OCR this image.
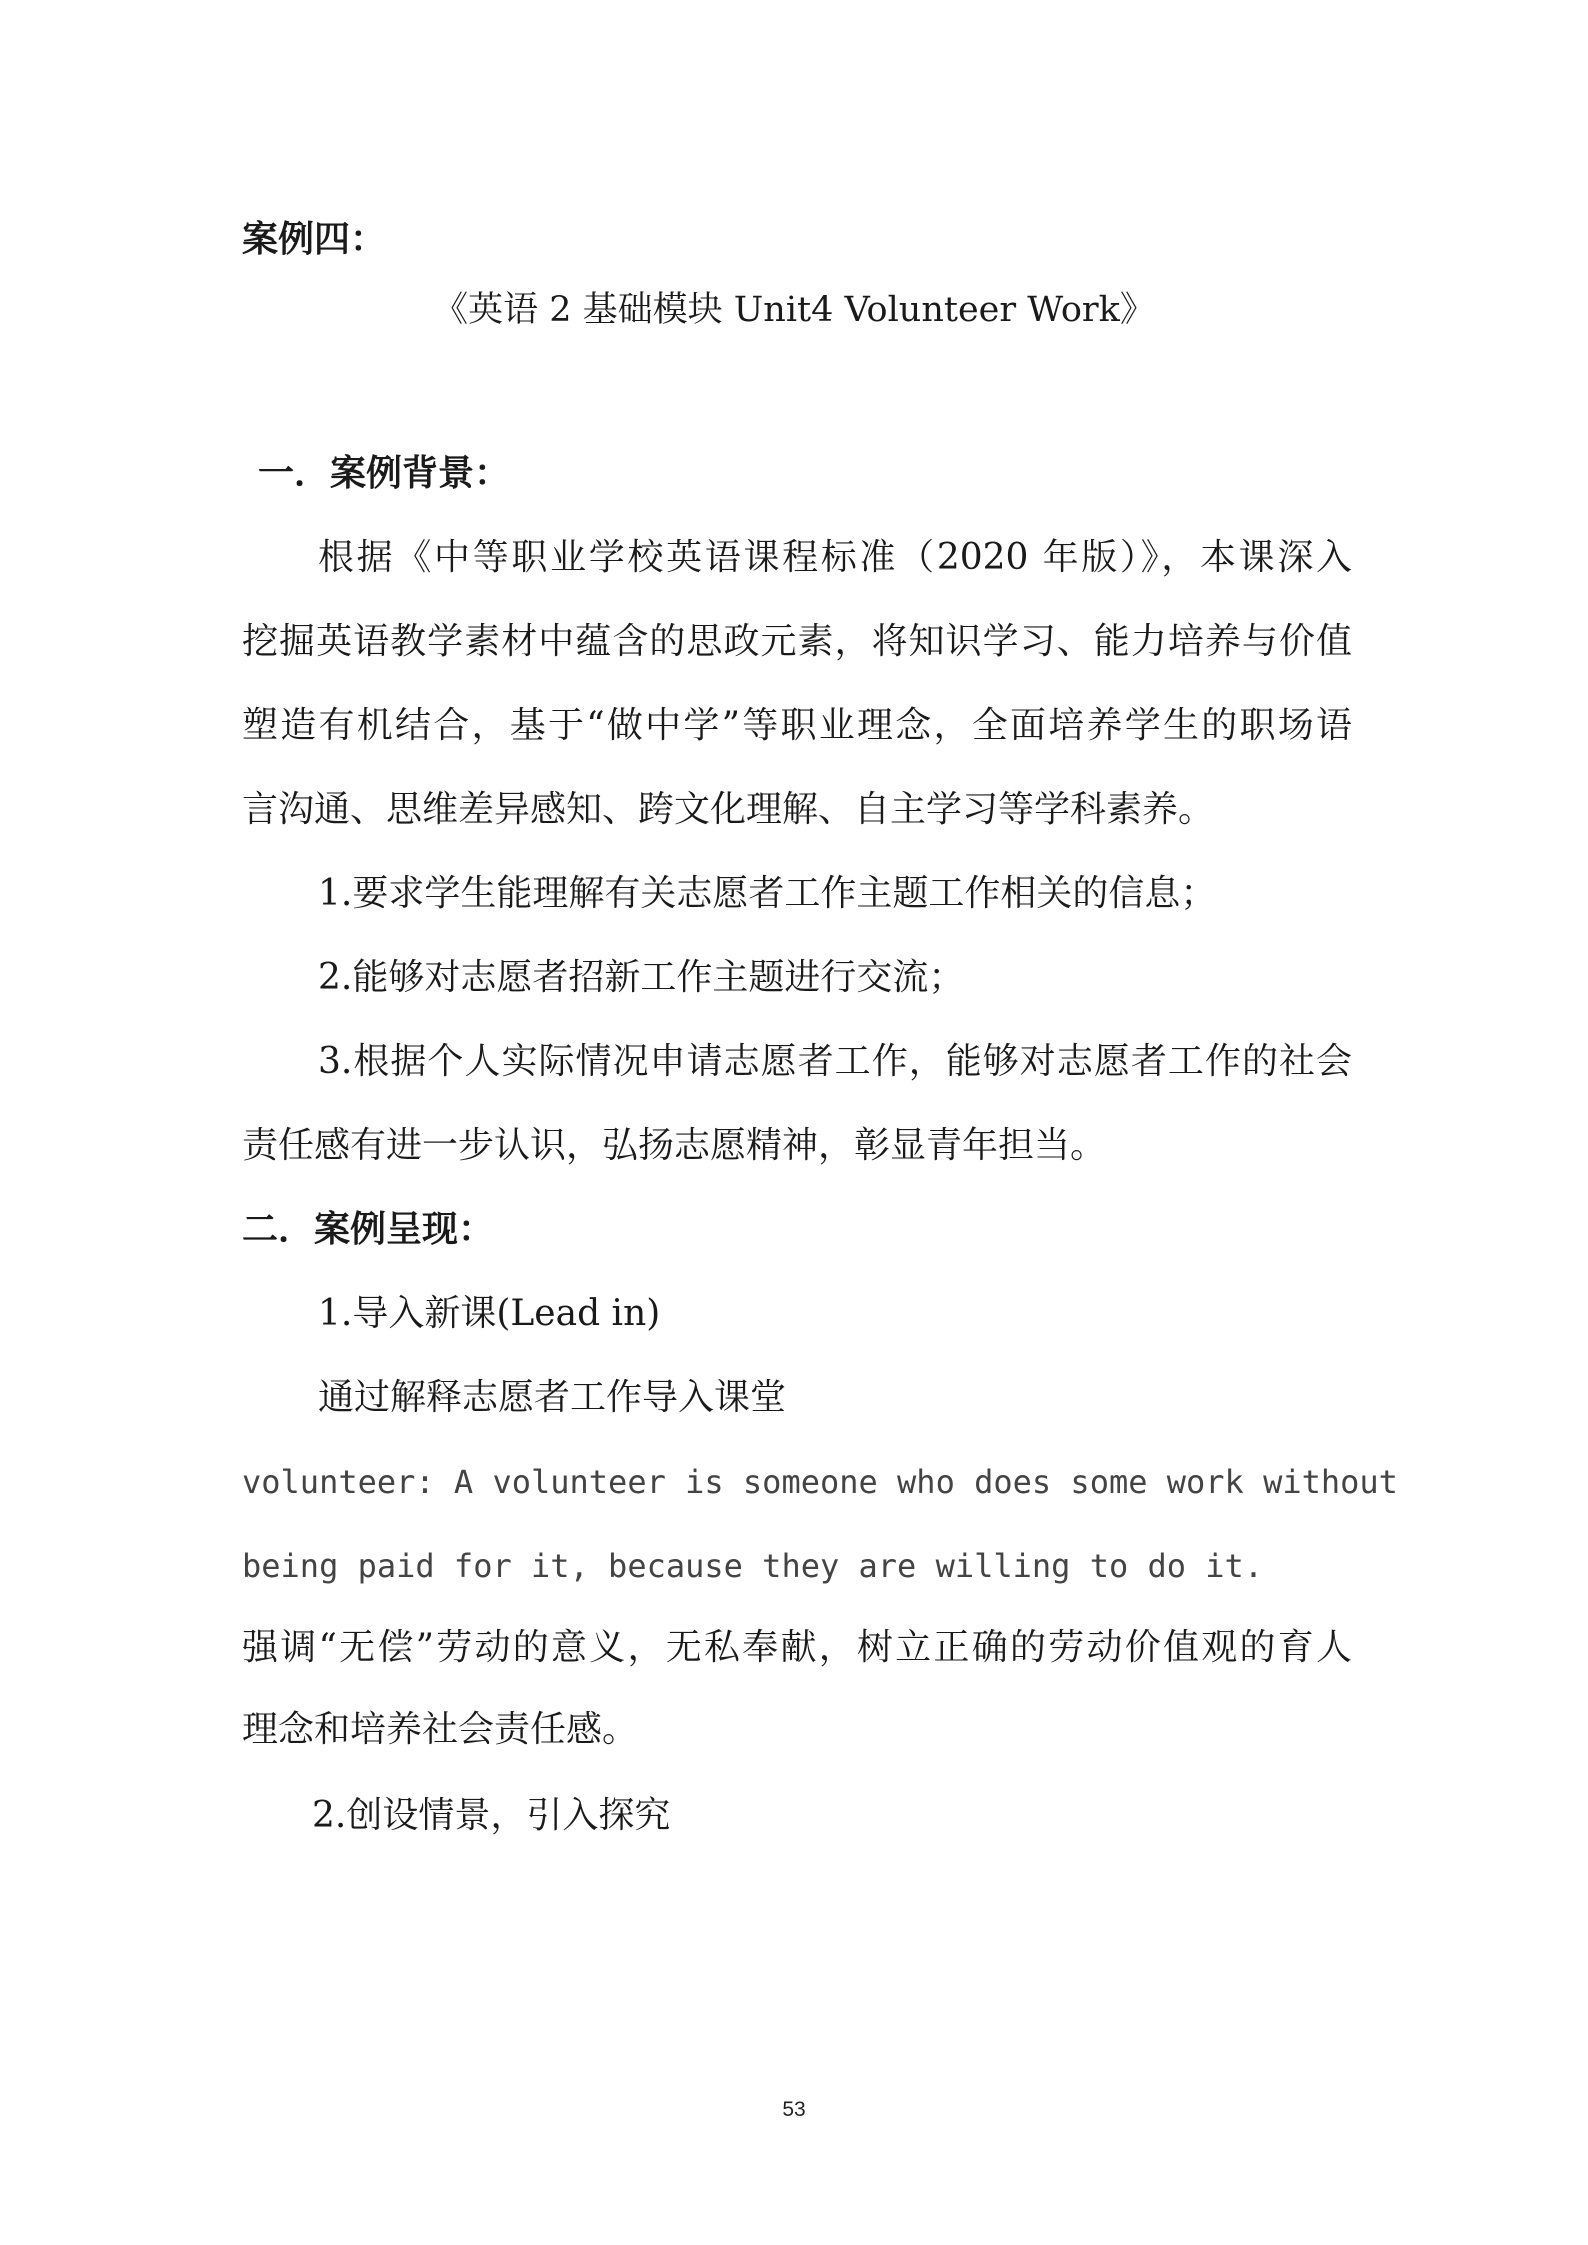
案例四：
《英语 2 基础模块 Unit4 Volunteer Work》
一．案例背景：
根据《中等职业学校英语课程标准（2020 年版）》，本课深入
挖掘英语教学素材中蕴含的思政元素，将知识学习、能力培养与价值
塑造有机结合，基于“做中学”等职业理念，全面培养学生的职场语
言沟通、思维差异感知、跨文化理解、自主学习等学科素养。
1.要求学生能理解有关志愿者工作主题工作相关的信息；
2.能够对志愿者招新工作主题进行交流；
3.根据个人实际情况申请志愿者工作，能够对志愿者工作的社会
责任感有进一步认识，弘扬志愿精神，彰显青年担当。
二．案例呈现：
1.导入新课(Lead in)
通过解释志愿者工作导入课堂
volunteer: A volunteer is someone who does some work without
being paid for it, because they are willing to do it.
强调“无偿”劳动的意义，无私奉献，树立正确的劳动价值观的育人
理念和培养社会责任感。
2.创设情景，引入探究
53
